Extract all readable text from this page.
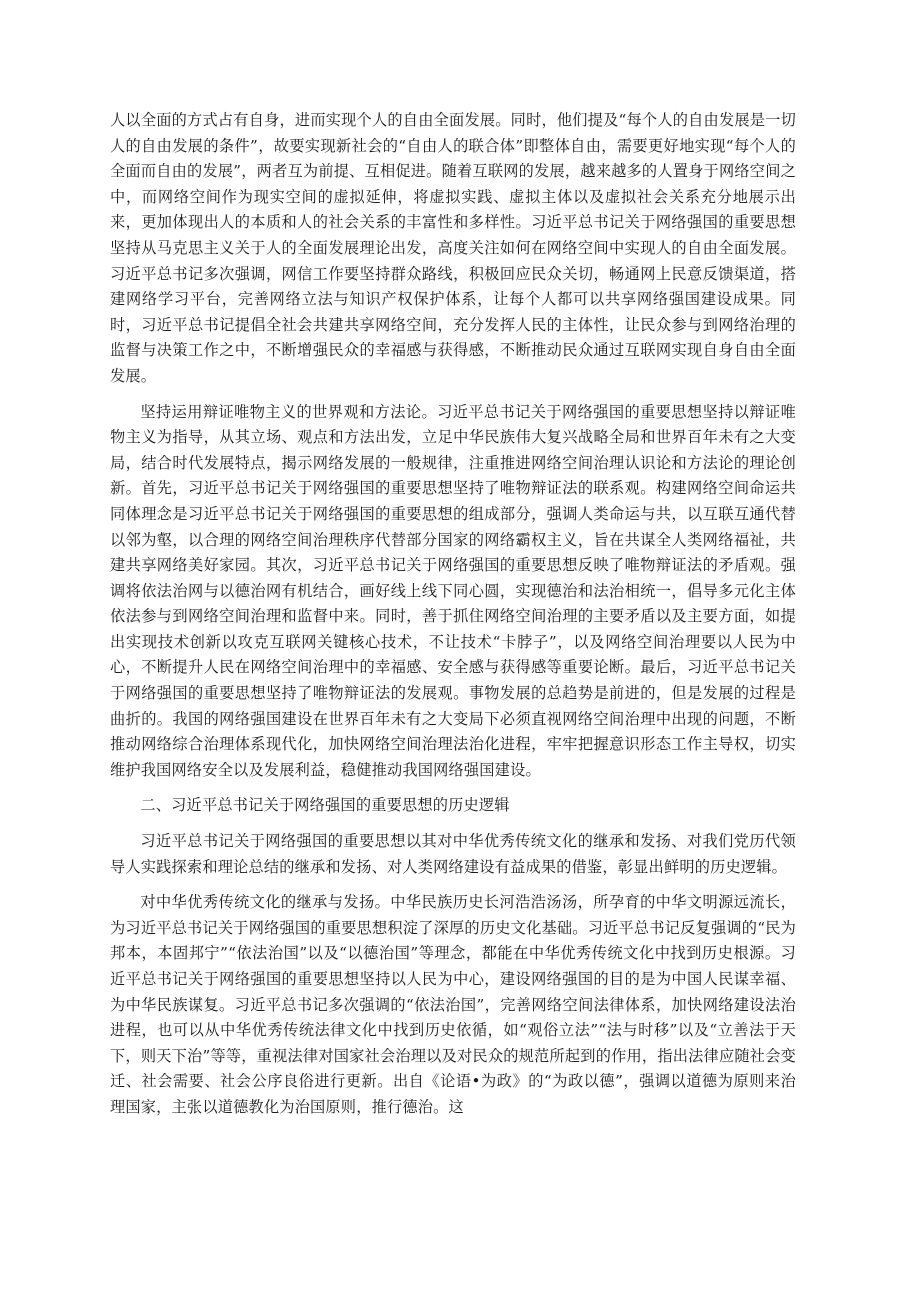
人以全面的方式占有自身，进而实现个人的自由全面发展。同时，他们提及“每个人的自由发展是一切人的自由发展的条件”，故要实现新社会的“自由人的联合体”即整体自由，需要更好地实现“每个人的全面而自由的发展”，两者互为前提、互相促进。随着互联网的发展，越来越多的人置身于网络空间之中，而网络空间作为现实空间的虚拟延伸，将虚拟实践、虚拟主体以及虚拟社会关系充分地展示出来，更加体现出人的本质和人的社会关系的丰富性和多样性。习近平总书记关于网络强国的重要思想坚持从马克思主义关于人的全面发展理论出发，高度关注如何在网络空间中实现人的自由全面发展。习近平总书记多次强调，网信工作要坚持群众路线，积极回应民众关切，畅通网上民意反馈渠道，搭建网络学习平台，完善网络立法与知识产权保护体系，让每个人都可以共享网络强国建设成果。同时，习近平总书记提倡全社会共建共享网络空间，充分发挥人民的主体性，让民众参与到网络治理的监督与决策工作之中，不断增强民众的幸福感与获得感，不断推动民众通过互联网实现自身自由全面发展。

坚持运用辩证唯物主义的世界观和方法论。习近平总书记关于网络强国的重要思想坚持以辩证唯物主义为指导，从其立场、观点和方法出发，立足中华民族伟大复兴战略全局和世界百年未有之大变局，结合时代发展特点，揭示网络发展的一般规律，注重推进网络空间治理认识论和方法论的理论创新。首先，习近平总书记关于网络强国的重要思想坚持了唯物辩证法的联系观。构建网络空间命运共同体理念是习近平总书记关于网络强国的重要思想的组成部分，强调人类命运与共，以互联互通代替以邻为壑，以合理的网络空间治理秩序代替部分国家的网络霸权主义，旨在共谋全人类网络福祉，共建共享网络美好家园。其次，习近平总书记关于网络强国的重要思想反映了唯物辩证法的矛盾观。强调将依法治网与以德治网有机结合，画好线上线下同心圆，实现德治和法治相统一，倡导多元化主体依法参与到网络空间治理和监督中来。同时，善于抓住网络空间治理的主要矛盾以及主要方面，如提出实现技术创新以攻克互联网关键核心技术，不让技术“卡脖子”，以及网络空间治理要以人民为中心，不断提升人民在网络空间治理中的幸福感、安全感与获得感等重要论断。最后，习近平总书记关于网络强国的重要思想坚持了唯物辩证法的发展观。事物发展的总趋势是前进的，但是发展的过程是曲折的。我国的网络强国建设在世界百年未有之大变局下必须直视网络空间治理中出现的问题，不断推动网络综合治理体系现代化，加快网络空间治理法治化进程，牢牢把握意识形态工作主导权，切实维护我国网络安全以及发展利益，稳健推动我国网络强国建设。

二、习近平总书记关于网络强国的重要思想的历史逻辑

习近平总书记关于网络强国的重要思想以其对中华优秀传统文化的继承和发扬、对我们党历代领导人实践探索和理论总结的继承和发扬、对人类网络建设有益成果的借鉴，彰显出鲜明的历史逻辑。

对中华优秀传统文化的继承与发扬。中华民族历史长河浩浩汤汤，所孕育的中华文明源远流长，为习近平总书记关于网络强国的重要思想积淀了深厚的历史文化基础。习近平总书记反复强调的“民为邦本，本固邦宁”“依法治国”以及“以德治国”等理念，都能在中华优秀传统文化中找到历史根源。习近平总书记关于网络强国的重要思想坚持以人民为中心，建设网络强国的目的是为中国人民谋幸福、为中华民族谋复。习近平总书记多次强调的“依法治国”，完善网络空间法律体系，加快网络建设法治进程，也可以从中华优秀传统法律文化中找到历史依循，如“观俗立法”“法与时移”以及“立善法于天下，则天下治”等等，重视法律对国家社会治理以及对民众的规范所起到的作用，指出法律应随社会变迁、社会需要、社会公序良俗进行更新。出自《论语•为政》的“为政以德”，强调以道德为原则来治理国家，主张以道德教化为治国原则，推行德治。这
